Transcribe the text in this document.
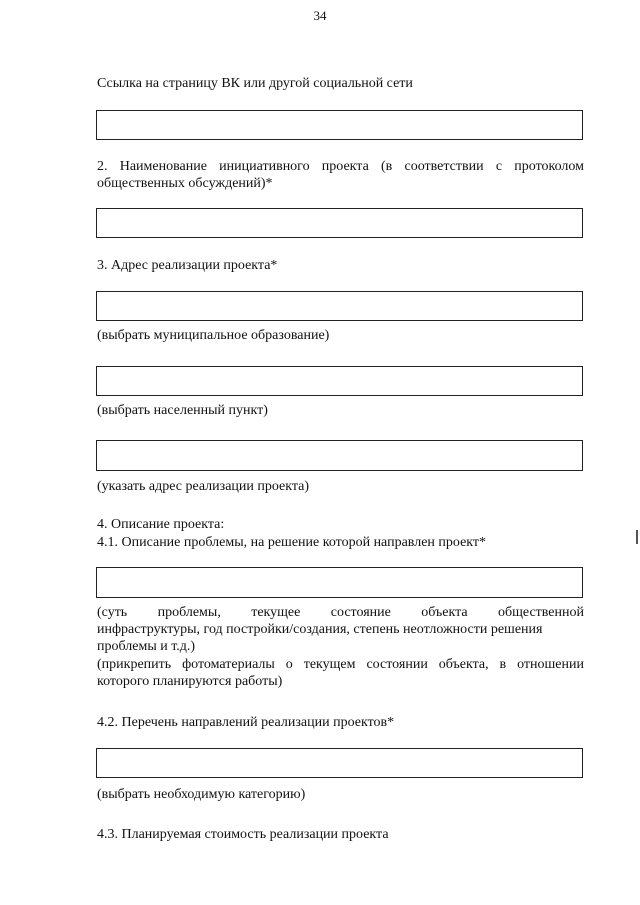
34
Ссылка на страницу ВК или другой социальной сети
2. Наименование инициативного проекта (в соответствии с протоколом
общественных обсуждений)*
3. Адрес реализации проекта*
(выбрать муниципальное образование)
(выбрать населенный пункт)
(указать адрес реализации проекта)
4. Описание проекта:
4.1. Описание проблемы, на решение которой направлен проект*
(суть проблемы, текущее состояние объекта общественной
инфраструктуры, год постройки/создания, степень неотложности решения
проблемы и т.д.)
(прикрепить фотоматериалы о текущем состоянии объекта, в отношении
которого планируются работы)
4.2. Перечень направлений реализации проектов*
(выбрать необходимую категорию)
4.3. Планируемая стоимость реализации проекта
